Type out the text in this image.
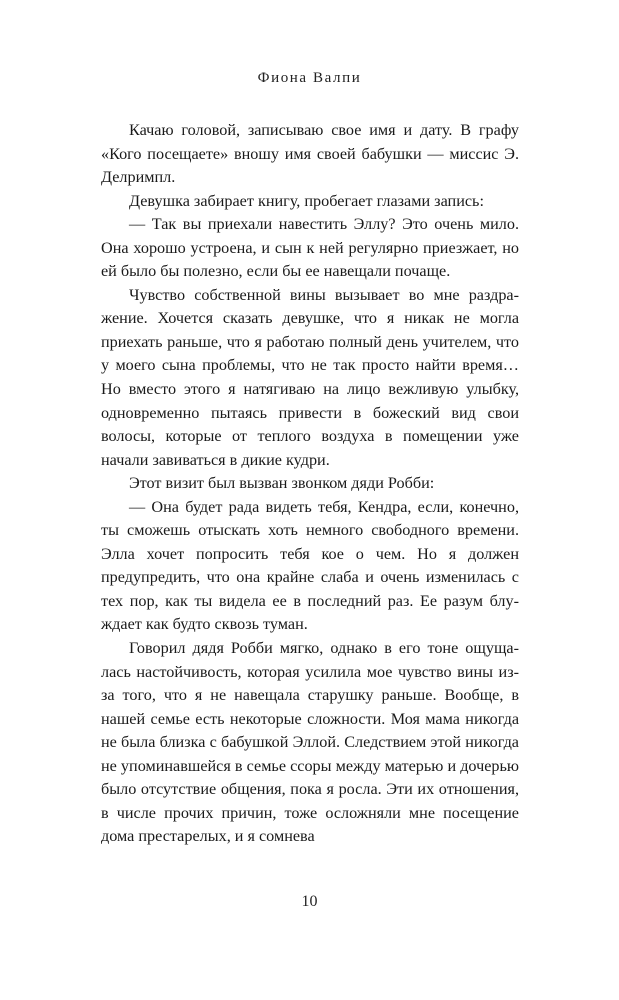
Фиона Валпи

Качаю головой, записываю свое имя и дату. В графу «Кого посещаете» вношу имя своей бабушки — миссис Э. Делримпл.

Девушка забирает книгу, пробегает глазами запись:

— Так вы приехали навестить Эллу? Это очень мило. Она хорошо устроена, и сын к ней регулярно приезжает, но ей было бы полезно, если бы ее навещали почаще.

Чувство собственной вины вызывает во мне раздражение. Хочется сказать девушке, что я никак не могла приехать раньше, что я работаю полный день учителем, что у моего сына проблемы, что не так просто найти время… Но вместо этого я натягиваю на лицо вежливую улыбку, одновременно пытаясь привести в божеский вид свои волосы, которые от теплого воздуха в помещении уже начали завиваться в дикие кудри.

Этот визит был вызван звонком дяди Робби:

— Она будет рада видеть тебя, Кендра, если, конечно, ты сможешь отыскать хоть немного свободного времени. Элла хочет попросить тебя кое о чем. Но я должен предупредить, что она крайне слаба и очень изменилась с тех пор, как ты видела ее в последний раз. Ее разум блуждает как будто сквозь туман.

Говорил дядя Робби мягко, однако в его тоне ощущалась настойчивость, которая усилила мое чувство вины из-за того, что я не навещала старушку раньше. Вообще, в нашей семье есть некоторые сложности. Моя мама никогда не была близка с бабушкой Эллой. Следствием этой никогда не упоминавшейся в семье ссоры между матерью и дочерью было отсутствие общения, пока я росла. Эти их отношения, в числе прочих причин, тоже осложняли мне посещение дома престарелых, и я сомнева

10
